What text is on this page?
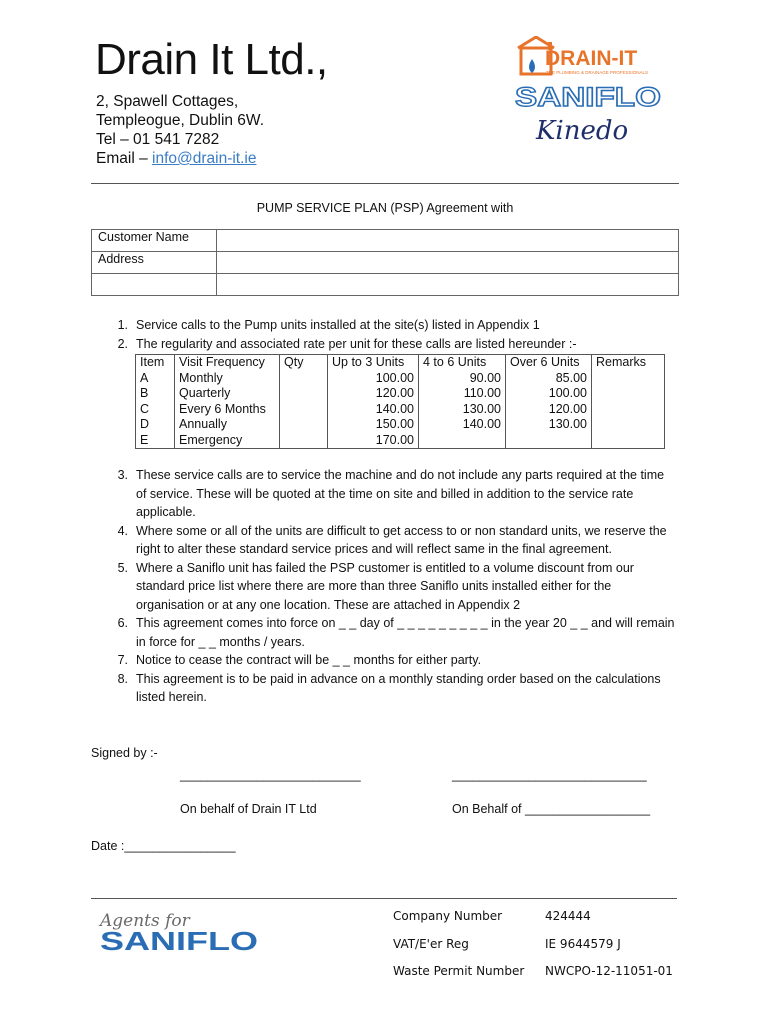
Drain It Ltd.,
2, Spawell Cottages,
Templeogue, Dublin 6W.
Tel – 01 541 7282
Email – info@drain-it.ie
DRAIN-IT
THE PLUMBING & DRAINAGE PROFESSIONALS
SANIFLO
Kinedo
PUMP SERVICE PLAN (PSP) Agreement with
Customer Name	
Address	

1. Service calls to the Pump units installed at the site(s) listed in Appendix 1
2. The regularity and associated rate per unit for these calls are listed hereunder :-
Item	Visit Frequency	Qty	Up to 3 Units	4 to 6 Units	Over 6 Units	Remarks
A	Monthly		100.00	90.00	85.00	
B	Quarterly		120.00	110.00	100.00	
C	Every 6 Months		140.00	130.00	120.00	
D	Annually		150.00	140.00	130.00	
E	Emergency		170.00			
3. These service calls are to service the machine and do not include any parts required at the time
of service. These will be quoted at the time on site and billed in addition to the service rate
applicable.
4. Where some or all of the units are difficult to get access to or non standard units, we reserve the
right to alter these standard service prices and will reflect same in the final agreement.
5. Where a Saniflo unit has failed the PSP customer is entitled to a volume discount from our
standard price list where there are more than three Saniflo units installed either for the
organisation or at any one location. These are attached in Appendix 2
6. This agreement comes into force on _ _ day of _ _ _ _ _ _ _ _ _ in the year 20 _ _ and will remain
in force for _ _ months / years.
7. Notice to cease the contract will be _ _ months for either party.
8. This agreement is to be paid in advance on a monthly standing order based on the calculations
listed herein.
Signed by :-
__________________________	____________________________
On behalf of Drain IT Ltd	On Behalf of __________________
Date :________________
Agents for
SANIFLO
Company Number	424444
VAT/E'er Reg	IE 9644579 J
Waste Permit Number NWCPO-12-11051-01
